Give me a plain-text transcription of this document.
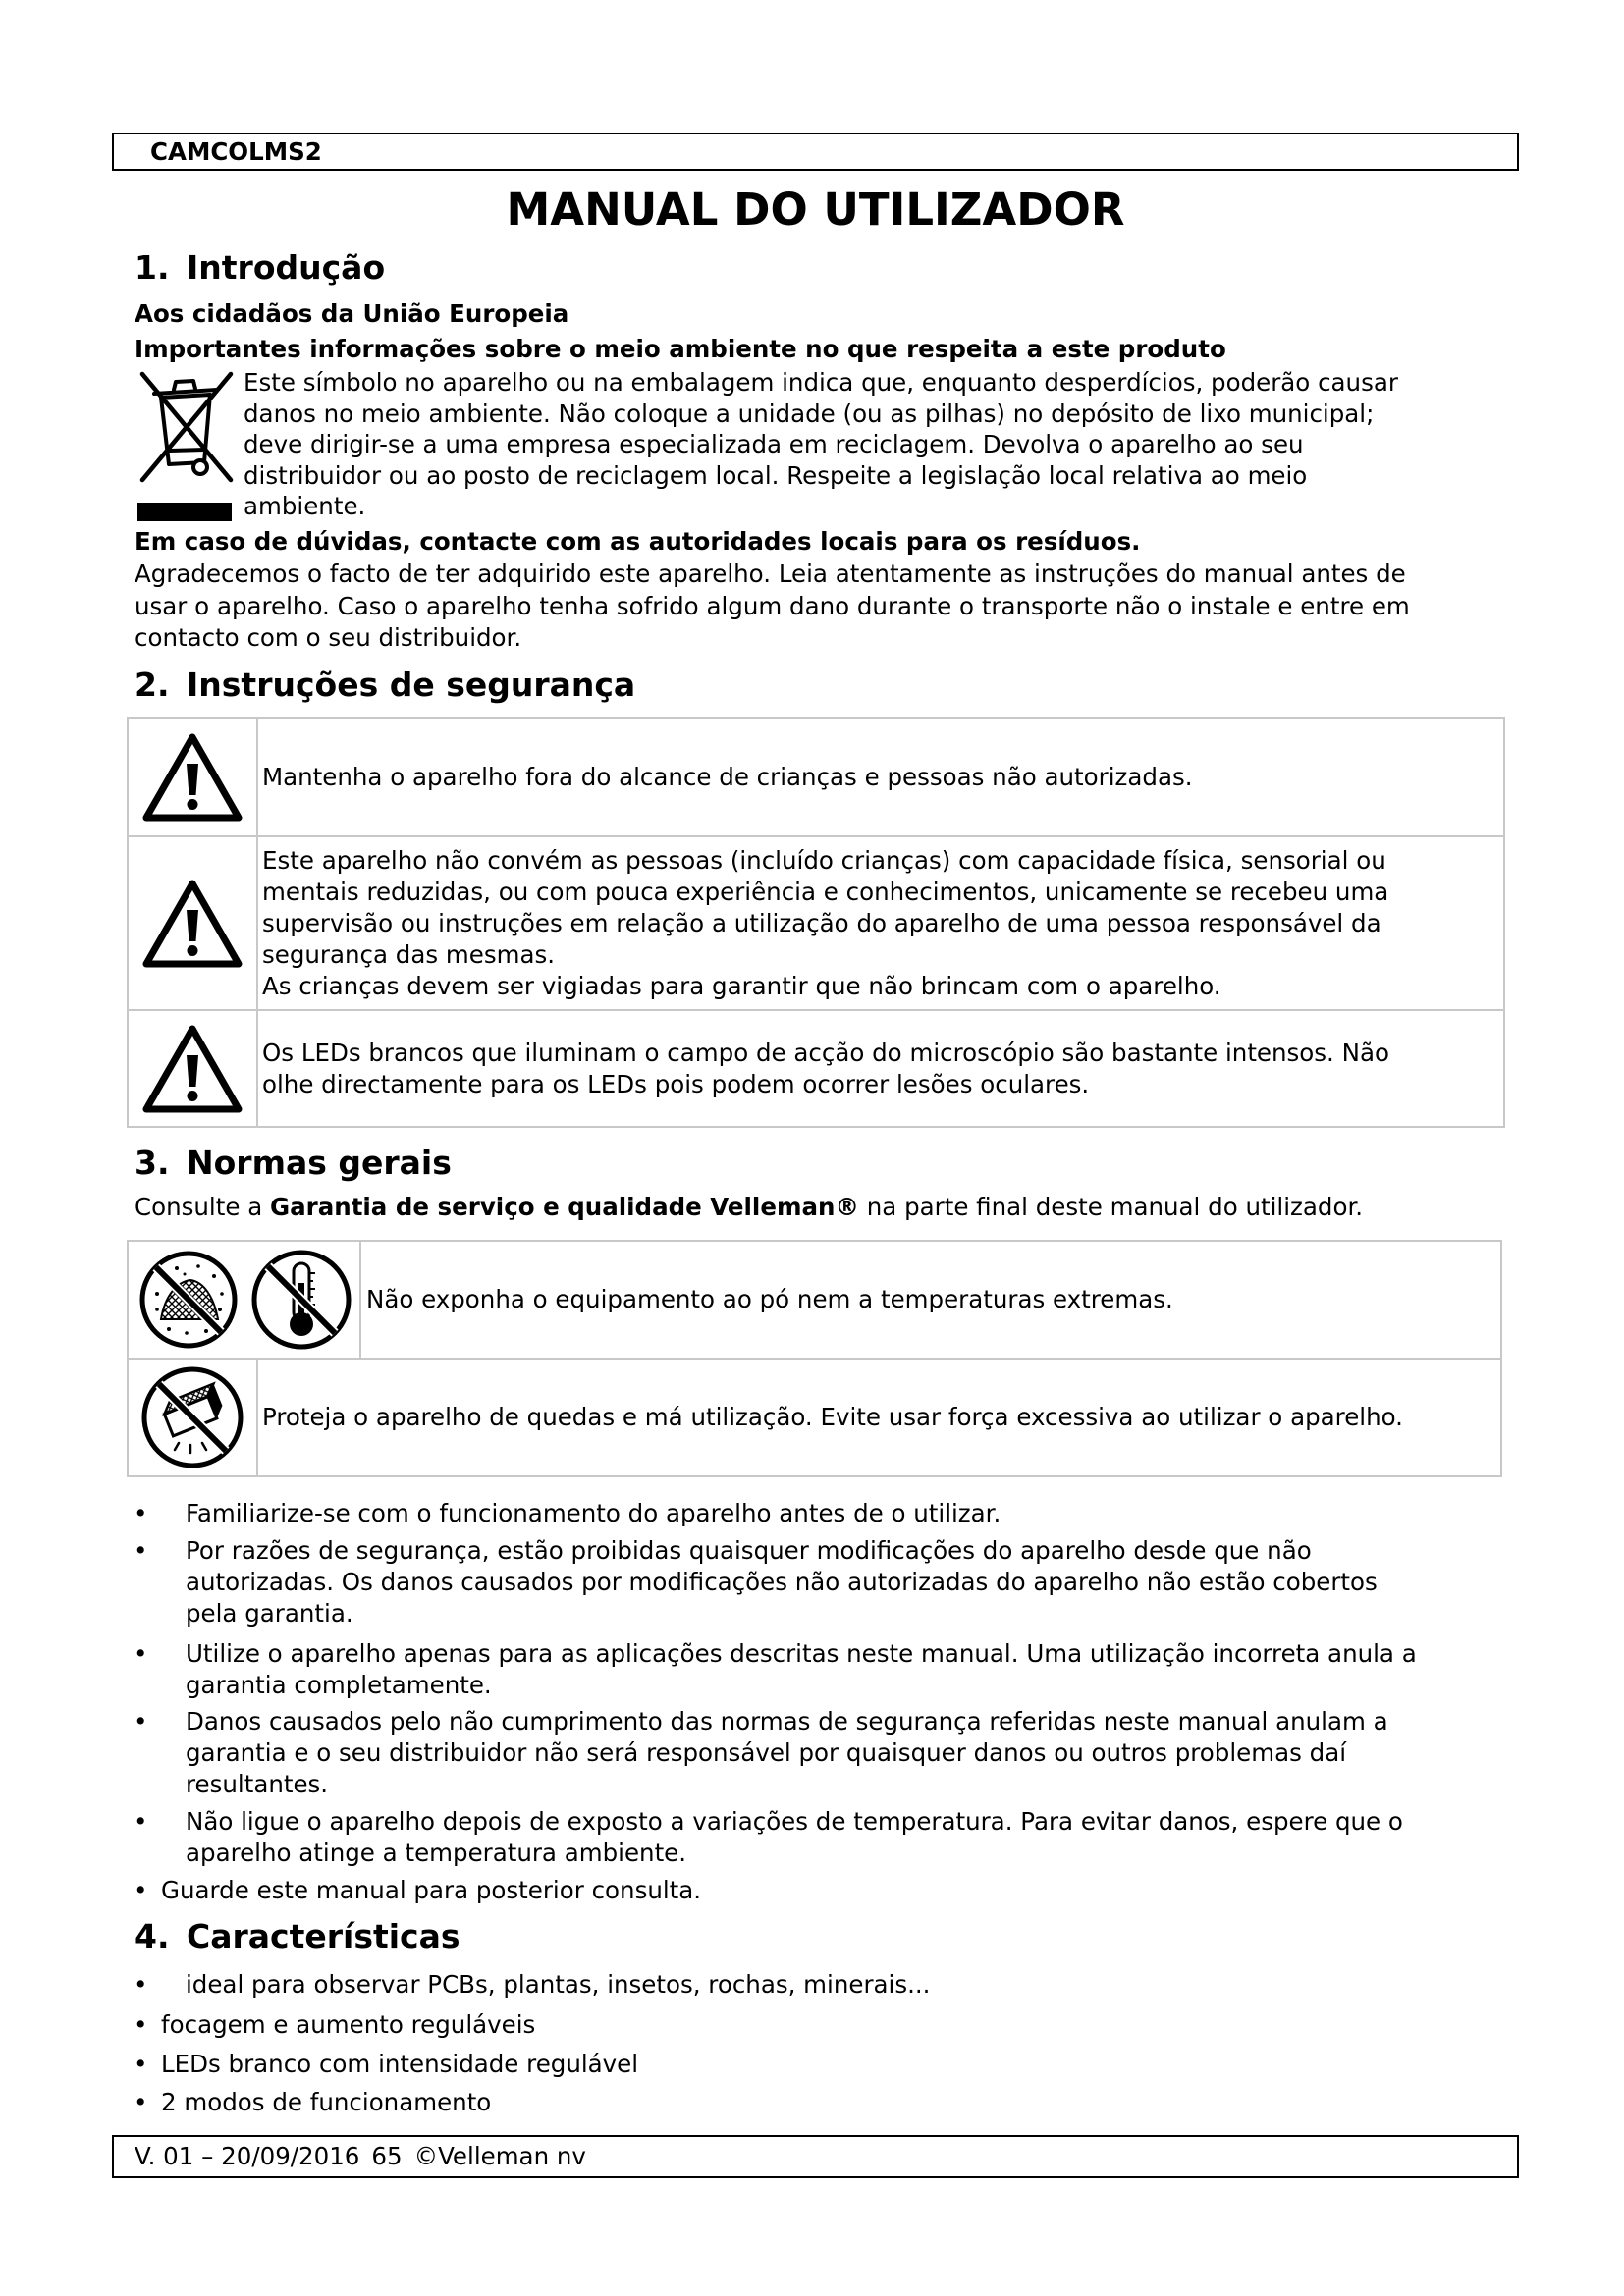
CAMCOLMS2
MANUAL DO UTILIZADOR
1. Introdução
Aos cidadãos da União Europeia
Importantes informações sobre o meio ambiente no que respeita a este produto
Este símbolo no aparelho ou na embalagem indica que, enquanto desperdícios, poderão causar
danos no meio ambiente. Não coloque a unidade (ou as pilhas) no depósito de lixo municipal;
deve dirigir-se a uma empresa especializada em reciclagem. Devolva o aparelho ao seu
distribuidor ou ao posto de reciclagem local. Respeite a legislação local relativa ao meio
ambiente.
Em caso de dúvidas, contacte com as autoridades locais para os resíduos.
Agradecemos o facto de ter adquirido este aparelho. Leia atentamente as instruções do manual antes de
usar o aparelho. Caso o aparelho tenha sofrido algum dano durante o transporte não o instale e entre em
contacto com o seu distribuidor.
2. Instruções de segurança
Mantenha o aparelho fora do alcance de crianças e pessoas não autorizadas.
Este aparelho não convém as pessoas (incluído crianças) com capacidade física, sensorial ou
mentais reduzidas, ou com pouca experiência e conhecimentos, unicamente se recebeu uma
supervisão ou instruções em relação a utilização do aparelho de uma pessoa responsável da
segurança das mesmas.
As crianças devem ser vigiadas para garantir que não brincam com o aparelho.
Os LEDs brancos que iluminam o campo de acção do microscópio são bastante intensos. Não
olhe directamente para os LEDs pois podem ocorrer lesões oculares.
3. Normas gerais
Consulte a Garantia de serviço e qualidade Velleman® na parte final deste manual do utilizador.
Não exponha o equipamento ao pó nem a temperaturas extremas.
Proteja o aparelho de quedas e má utilização. Evite usar força excessiva ao utilizar o aparelho.
•	Familiarize-se com o funcionamento do aparelho antes de o utilizar.
•	Por razões de segurança, estão proibidas quaisquer modificações do aparelho desde que não
autorizadas. Os danos causados por modificações não autorizadas do aparelho não estão cobertos
pela garantia.
•	Utilize o aparelho apenas para as aplicações descritas neste manual. Uma utilização incorreta anula a
garantia completamente.
•	Danos causados pelo não cumprimento das normas de segurança referidas neste manual anulam a
garantia e o seu distribuidor não será responsável por quaisquer danos ou outros problemas daí
resultantes.
•	Não ligue o aparelho depois de exposto a variações de temperatura. Para evitar danos, espere que o
aparelho atinge a temperatura ambiente.
• Guarde este manual para posterior consulta.
4. Características
•	ideal para observar PCBs, plantas, insetos, rochas, minerais...
• focagem e aumento reguláveis
• LEDs branco com intensidade regulável
• 2 modos de funcionamento
V. 01 – 20/09/2016 65 ©Velleman nv
